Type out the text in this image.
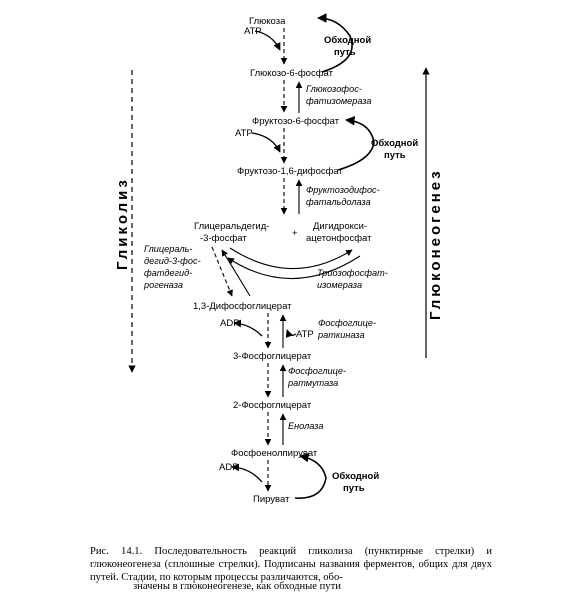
Гликолиз	Глюконеогенез
Глюкоза
Глюкозо-6-фосфат
Фруктозо-6-фосфат
Фруктозо-1,6-дифосфат
Глицеральдегид-
-3-фосфат	+
Дигидрокси-
ацетонфосфат
1,3-Дифосфоглицерат
3-Фосфоглицерат
2-Фосфоглицерат
Фосфоенолпируват
Пируват
ATP
ATP
ADP
ATP
ADP
Глюкозофос-
фатизомераза
Фруктозодифос-
фатальдолаза
Триозофосфат-
изомераза
Глицераль-
дегид-3-фос-
фатдегид-
рогеназа
Фосфоглице-
раткиназа
Фосфоглице-
ратмутаза
Енолаза
Обходной
путь
Обходной
путь
Обходной
путь
Рис. 14.1. Последовательность реакций гликолиза (пунктирные стрелки) и глюконеогенеза (сплошные стрелки). Подписаны названия ферментов, общих для двух путей. Стадии, по которым процессы различаются, обо-
значены в глюконеогенезе, как обходные пути
